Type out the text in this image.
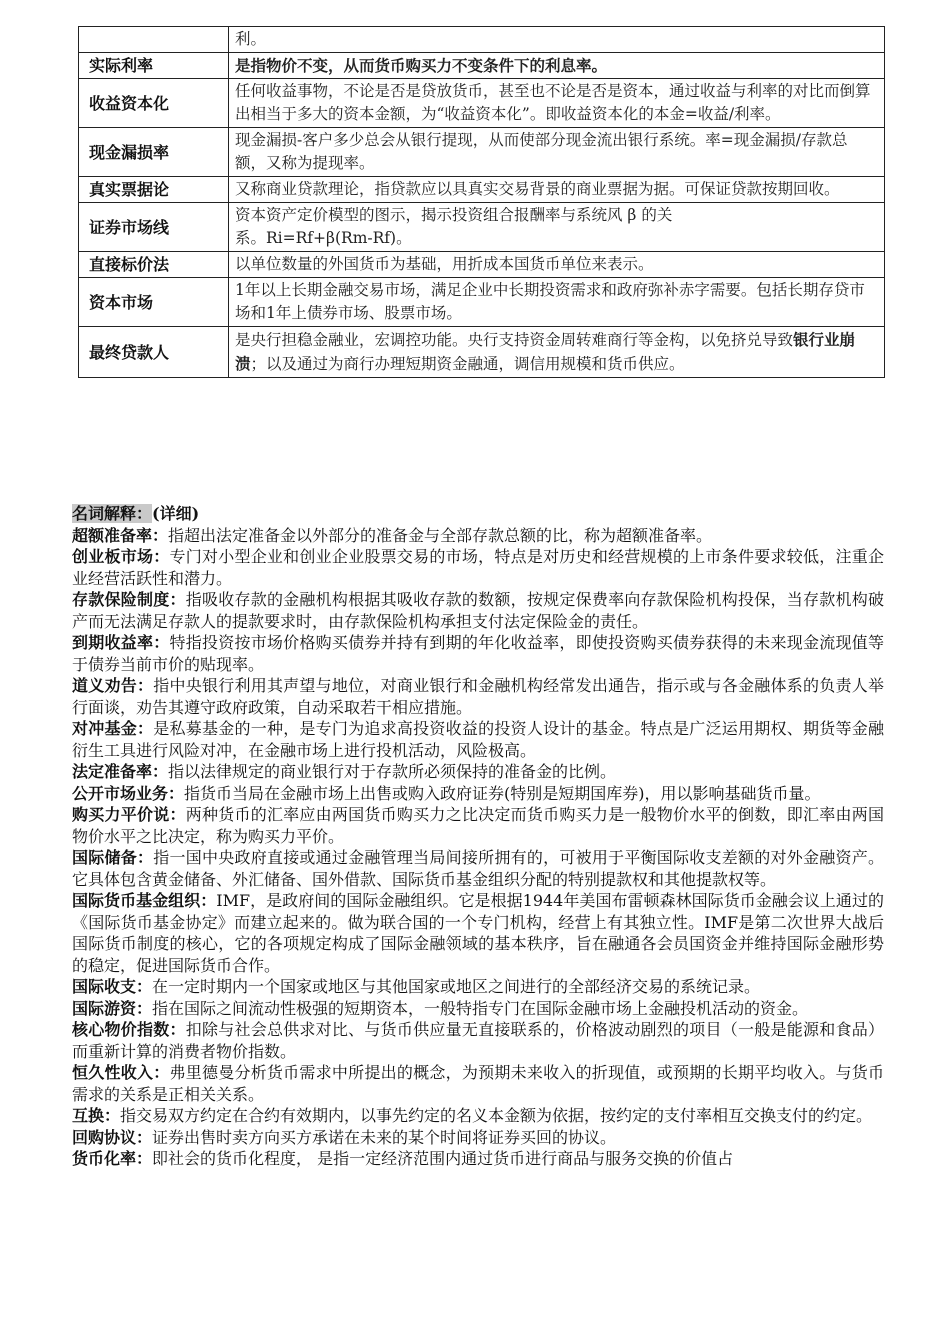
	利。
实际利率	是指物价不变，从而货币购买力不变条件下的利息率。
收益资本化	任何收益事物，不论是否是贷放货币，甚至也不论是否是资本，通过收益与利率的对比而倒算出相当于多大的资本金额，为“收益资本化”。即收益资本化的本金=收益/利率。
现金漏损率	现金漏损-客户多少总会从银行提现，从而使部分现金流出银行系统。率=现金漏损/存款总额，又称为提现率。
真实票据论	又称商业贷款理论，指贷款应以具真实交易背景的商业票据为据。可保证贷款按期回收。
证券市场线	资本资产定价模型的图示，揭示投资组合报酬率与系统风 β 的关
系。Ri=Rf+β(Rm-Rf)。
直接标价法	以单位数量的外国货币为基础，用折成本国货币单位来表示。
资本市场	1年以上长期金融交易市场，满足企业中长期投资需求和政府弥补赤字需要。包括长期存贷市场和1年上债券市场、股票市场。
最终贷款人	是央行担稳金融业，宏调控功能。央行支持资金周转难商行等金构，以免挤兑导致银行业崩溃；以及通过为商行办理短期资金融通，调信用规模和货币供应。

名词解释：(详细)

超额准备率：指超出法定准备金以外部分的准备金与全部存款总额的比，称为超额准备率。

创业板市场：专门对小型企业和创业企业股票交易的市场，特点是对历史和经营规模的上市条件要求较低，注重企业经营活跃性和潜力。

存款保险制度：指吸收存款的金融机构根据其吸收存款的数额，按规定保费率向存款保险机构投保，当存款机构破产而无法满足存款人的提款要求时，由存款保险机构承担支付法定保险金的责任。

到期收益率：特指投资按市场价格购买债券并持有到期的年化收益率，即使投资购买债券获得的未来现金流现值等于债券当前市价的贴现率。

道义劝告：指中央银行利用其声望与地位，对商业银行和金融机构经常发出通告，指示或与各金融体系的负责人举行面谈，劝告其遵守政府政策，自动采取若干相应措施。

对冲基金：是私募基金的一种，是专门为追求高投资收益的投资人设计的基金。特点是广泛运用期权、期货等金融衍生工具进行风险对冲，在金融市场上进行投机活动，风险极高。

法定准备率：指以法律规定的商业银行对于存款所必须保持的准备金的比例。

公开市场业务：指货币当局在金融市场上出售或购入政府证券(特别是短期国库券)，用以影响基础货币量。

购买力平价说：两种货币的汇率应由两国货币购买力之比决定而货币购买力是一般物价水平的倒数，即汇率由两国物价水平之比决定，称为购买力平价。

国际储备：指一国中央政府直接或通过金融管理当局间接所拥有的，可被用于平衡国际收支差额的对外金融资产。它具体包含黄金储备、外汇储备、国外借款、国际货币基金组织分配的特别提款权和其他提款权等。

国际货币基金组织：IMF，是政府间的国际金融组织。它是根据1944年美国布雷顿森林国际货币金融会议上通过的《国际货币基金协定》而建立起来的。做为联合国的一个专门机构，经营上有其独立性。IMF是第二次世界大战后国际货币制度的核心，它的各项规定构成了国际金融领域的基本秩序，旨在融通各会员国资金并维持国际金融形势的稳定，促进国际货币合作。

国际收支：在一定时期内一个国家或地区与其他国家或地区之间进行的全部经济交易的系统记录。

国际游资：指在国际之间流动性极强的短期资本，一般特指专门在国际金融市场上金融投机活动的资金。

核心物价指数：扣除与社会总供求对比、与货币供应量无直接联系的，价格波动剧烈的项目（一般是能源和食品）而重新计算的消费者物价指数。

恒久性收入：弗里德曼分析货币需求中所提出的概念，为预期未来收入的折现值，或预期的长期平均收入。与货币需求的关系是正相关关系。

互换：指交易双方约定在合约有效期内，以事先约定的名义本金额为依据，按约定的支付率相互交换支付的约定。

回购协议：证券出售时卖方向买方承诺在未来的某个时间将证券买回的协议。

货币化率：即社会的货币化程度， 是指一定经济范围内通过货币进行商品与服务交换的价值占
